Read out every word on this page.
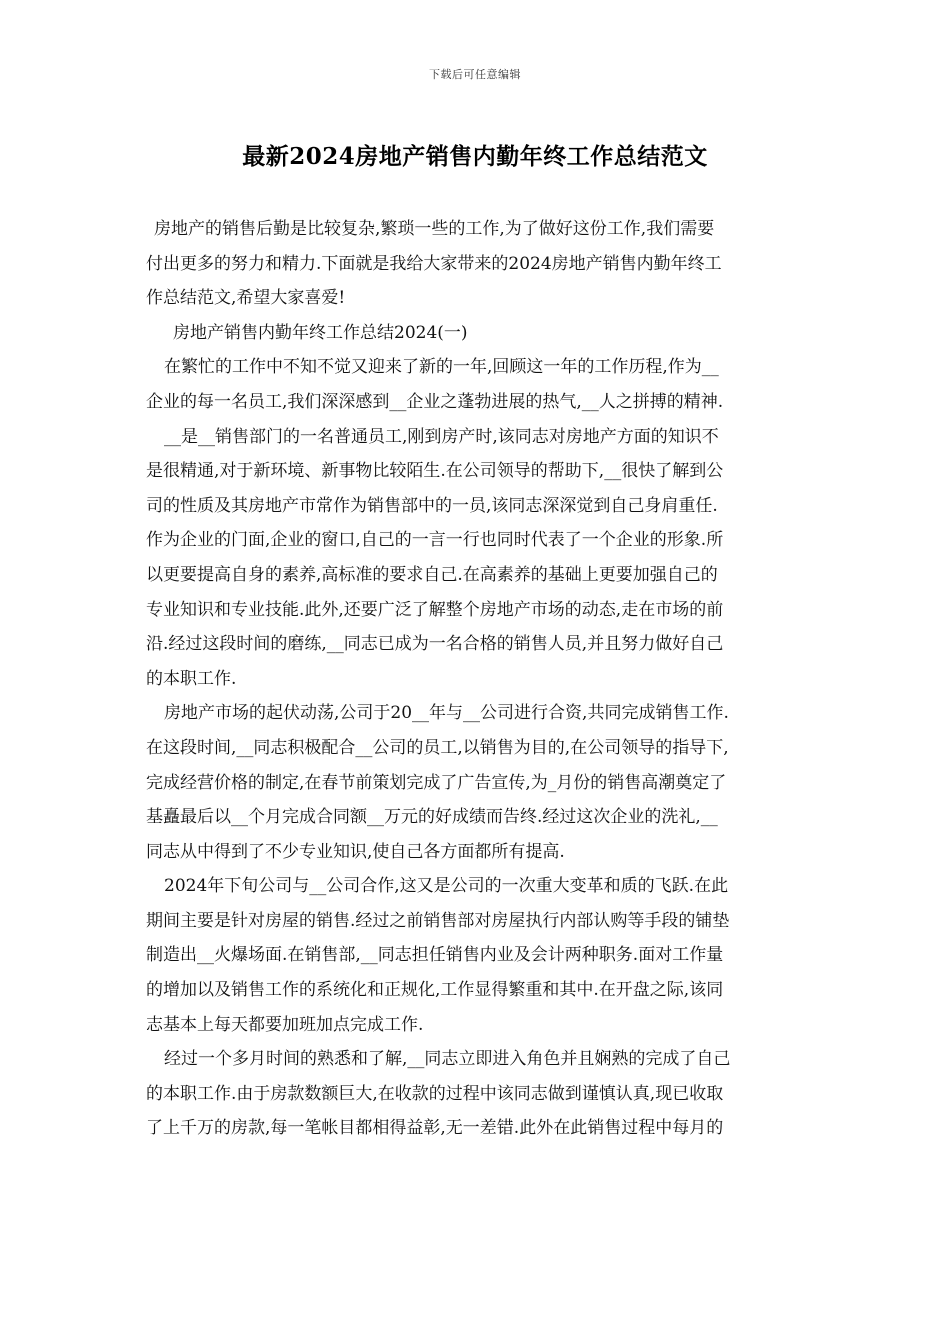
下载后可任意编辑
最新2024房地产销售内勤年终工作总结范文
房地产的销售后勤是比较复杂,繁琐一些的工作,为了做好这份工作,我们需要
付出更多的努力和精力.下面就是我给大家带来的2024房地产销售内勤年终工
作总结范文,希望大家喜爱!
房地产销售内勤年终工作总结2024(一)
在繁忙的工作中不知不觉又迎来了新的一年,回顾这一年的工作历程,作为__
企业的每一名员工,我们深深感到__企业之蓬勃进展的热气,__人之拼搏的精神.
__是__销售部门的一名普通员工,刚到房产时,该同志对房地产方面的知识不
是很精通,对于新环境、新事物比较陌生.在公司领导的帮助下,__很快了解到公
司的性质及其房地产市常作为销售部中的一员,该同志深深觉到自己身肩重任.
作为企业的门面,企业的窗口,自己的一言一行也同时代表了一个企业的形象.所
以更要提高自身的素养,高标准的要求自己.在高素养的基础上更要加强自己的
专业知识和专业技能.此外,还要广泛了解整个房地产市场的动态,走在市场的前
沿.经过这段时间的磨练,__同志已成为一名合格的销售人员,并且努力做好自己
的本职工作.
房地产市场的起伏动荡,公司于20__年与__公司进行合资,共同完成销售工作.
在这段时间,__同志积极配合__公司的员工,以销售为目的,在公司领导的指导下,
完成经营价格的制定,在春节前策划完成了广告宣传,为_月份的销售高潮奠定了
基矗最后以__个月完成合同额__万元的好成绩而告终.经过这次企业的洗礼,__
同志从中得到了不少专业知识,使自己各方面都所有提高.
2024年下旬公司与__公司合作,这又是公司的一次重大变革和质的飞跃.在此
期间主要是针对房屋的销售.经过之前销售部对房屋执行内部认购等手段的铺垫
制造出__火爆场面.在销售部,__同志担任销售内业及会计两种职务.面对工作量
的增加以及销售工作的系统化和正规化,工作显得繁重和其中.在开盘之际,该同
志基本上每天都要加班加点完成工作.
经过一个多月时间的熟悉和了解,__同志立即进入角色并且娴熟的完成了自己
的本职工作.由于房款数额巨大,在收款的过程中该同志做到谨慎认真,现已收取
了上千万的房款,每一笔帐目都相得益彰,无一差错.此外在此销售过程中每月的
